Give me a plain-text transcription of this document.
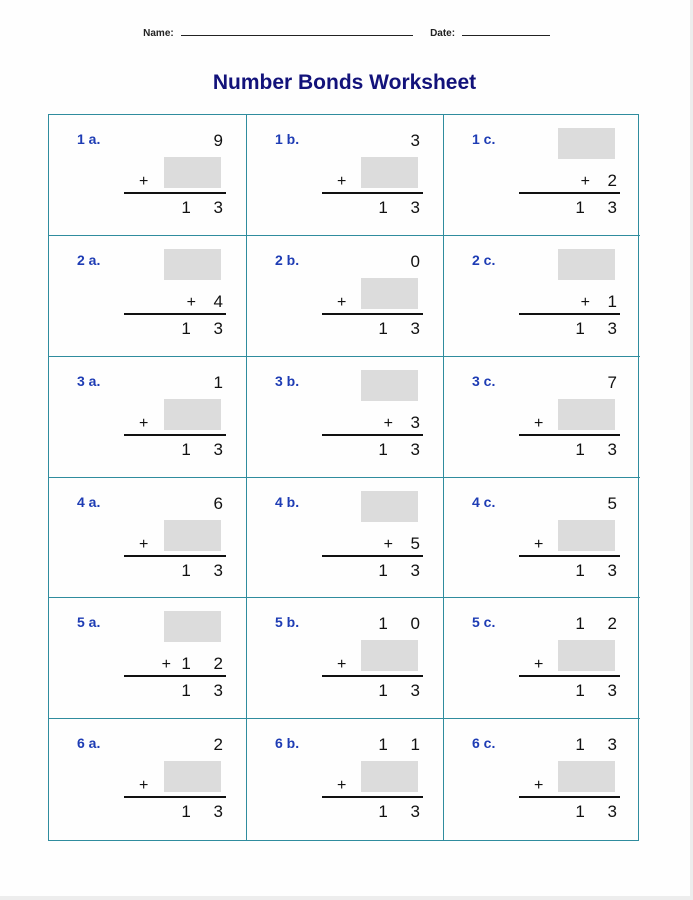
Name:	Date:
Number Bonds Worksheet
1 a.	9
+
1 3
1 b.	3
+
1 3
1 c.
2
+
1 3
2 a.
4
+
1 3
2 b.	0
+
1 3
2 c.
1
+
1 3
3 a.	1
+
1 3
3 b.
3
+
1 3
3 c.	7
+
1 3
4 a.	6
+
1 3
4 b.
5
+
1 3
4 c.	5
+
1 3
5 a.
1 2
+
1 3
5 b.	1 0
+
1 3
5 c.	1 2
+
1 3
6 a.	2
+
1 3
6 b.	1 1
+
1 3
6 c.	1 3
+
1 3
